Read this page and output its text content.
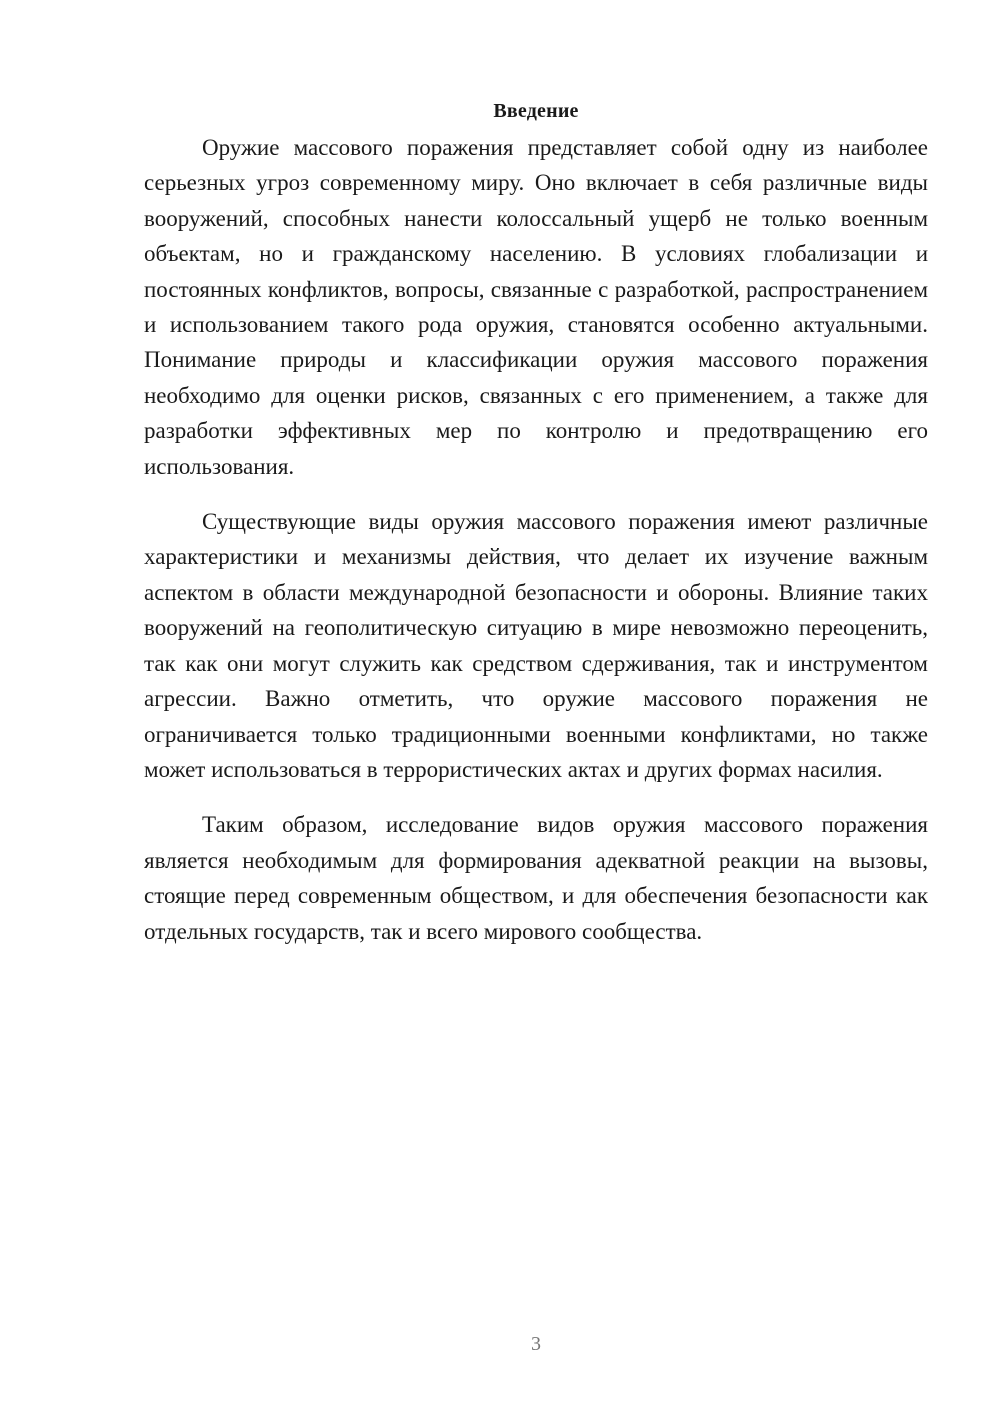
Введение

Оружие массового поражения представляет собой одну из наиболее серьезных угроз современному миру. Оно включает в себя различные виды вооружений, способных нанести колоссальный ущерб не только военным объектам, но и гражданскому населению. В условиях глобализации и постоянных конфликтов, вопросы, связанные с разработкой, распространением и использованием такого рода оружия, становятся особенно актуальными. Понимание природы и классификации оружия массового поражения необходимо для оценки рисков, связанных с его применением, а также для разработки эффективных мер по контролю и предотвращению его использования.

Существующие виды оружия массового поражения имеют различные характеристики и механизмы действия, что делает их изучение важным аспектом в области международной безопасности и обороны. Влияние таких вооружений на геополитическую ситуацию в мире невозможно переоценить, так как они могут служить как средством сдерживания, так и инструментом агрессии. Важно отметить, что оружие массового поражения не ограничивается только традиционными военными конфликтами, но также может использоваться в террористических актах и других формах насилия.

Таким образом, исследование видов оружия массового поражения является необходимым для формирования адекватной реакции на вызовы, стоящие перед современным обществом, и для обеспечения безопасности как отдельных государств, так и всего мирового сообщества.

3
